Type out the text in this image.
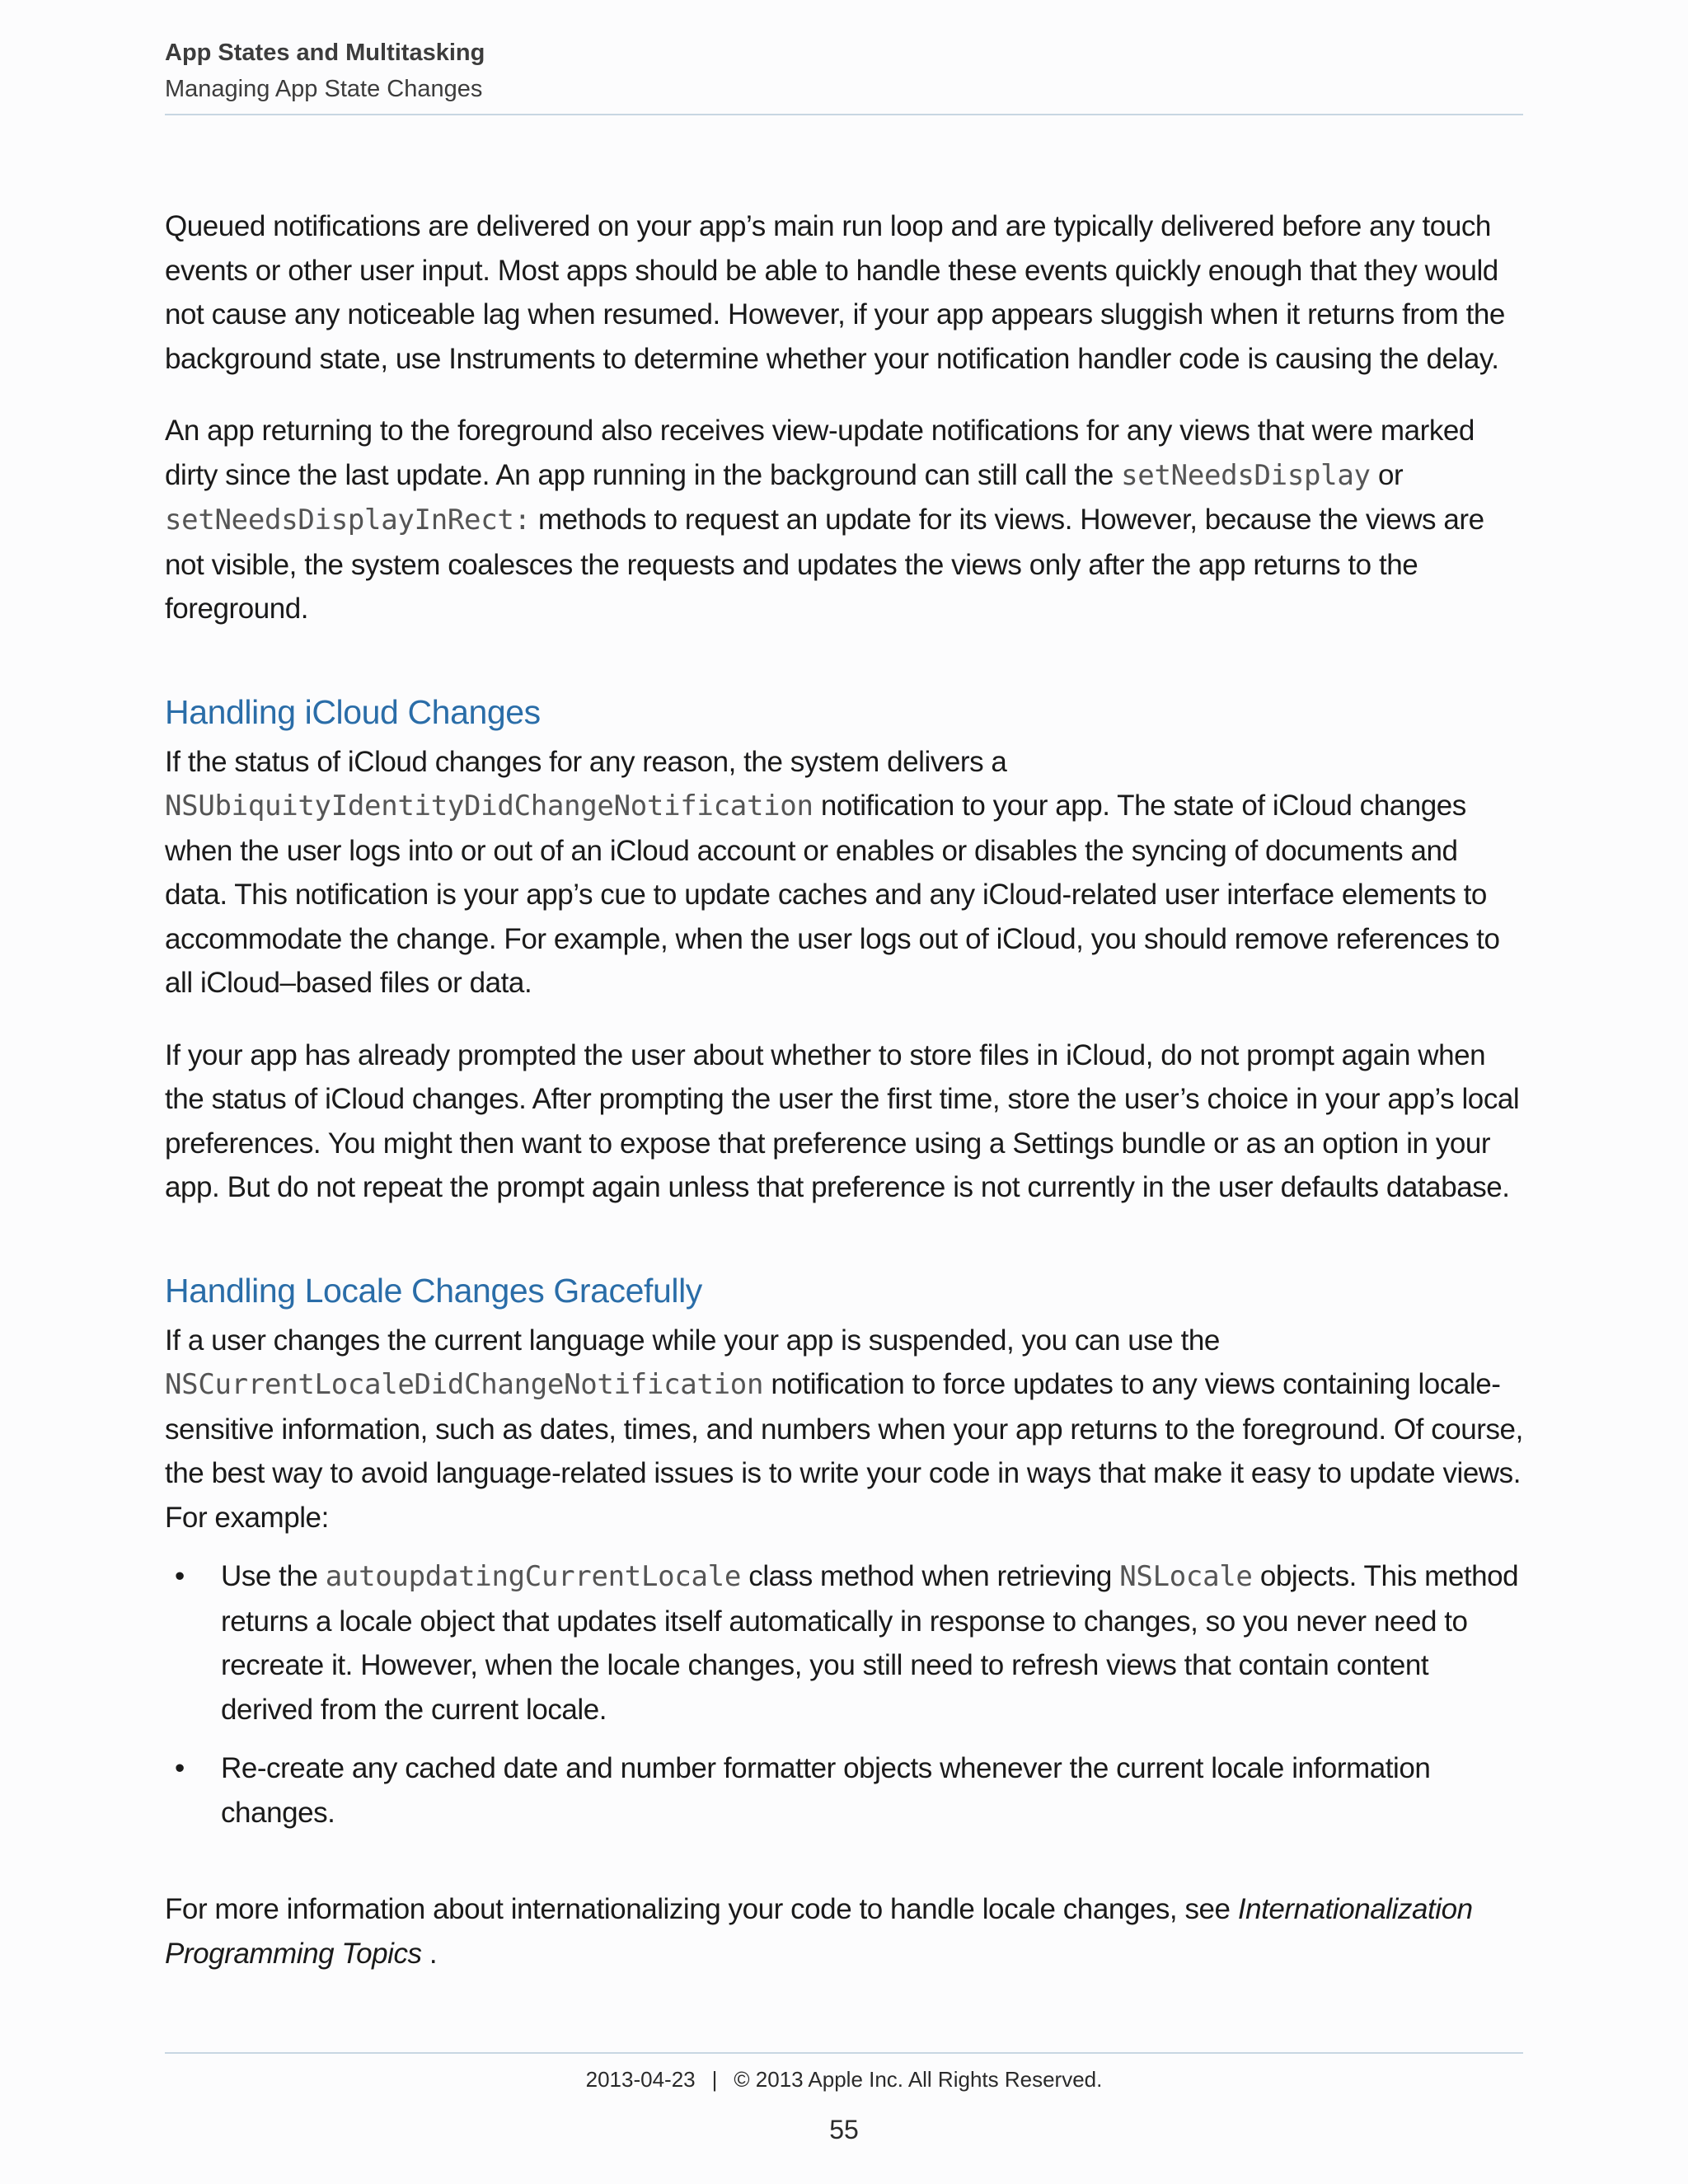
App States and Multitasking
Managing App State Changes

Queued notifications are delivered on your app’s main run loop and are typically delivered before any touch events or other user input. Most apps should be able to handle these events quickly enough that they would not cause any noticeable lag when resumed. However, if your app appears sluggish when it returns from the background state, use Instruments to determine whether your notification handler code is causing the delay.

An app returning to the foreground also receives view-update notifications for any views that were marked dirty since the last update. An app running in the background can still call the setNeedsDisplay or setNeedsDisplayInRect: methods to request an update for its views. However, because the views are not visible, the system coalesces the requests and updates the views only after the app returns to the foreground.

Handling iCloud Changes

If the status of iCloud changes for any reason, the system delivers a NSUbiquityIdentityDidChangeNotification notification to your app. The state of iCloud changes when the user logs into or out of an iCloud account or enables or disables the syncing of documents and data. This notification is your app’s cue to update caches and any iCloud-related user interface elements to accommodate the change. For example, when the user logs out of iCloud, you should remove references to all iCloud–based files or data.

If your app has already prompted the user about whether to store files in iCloud, do not prompt again when the status of iCloud changes. After prompting the user the first time, store the user’s choice in your app’s local preferences. You might then want to expose that preference using a Settings bundle or as an option in your app. But do not repeat the prompt again unless that preference is not currently in the user defaults database.

Handling Locale Changes Gracefully

If a user changes the current language while your app is suspended, you can use the NSCurrentLocaleDidChangeNotification notification to force updates to any views containing locale-sensitive information, such as dates, times, and numbers when your app returns to the foreground. Of course, the best way to avoid language-related issues is to write your code in ways that make it easy to update views. For example:

• Use the autoupdatingCurrentLocale class method when retrieving NSLocale objects. This method returns a locale object that updates itself automatically in response to changes, so you never need to recreate it. However, when the locale changes, you still need to refresh views that contain content derived from the current locale.
• Re-create any cached date and number formatter objects whenever the current locale information changes.

For more information about internationalizing your code to handle locale changes, see Internationalization Programming Topics .

2013-04-23 | © 2013 Apple Inc. All Rights Reserved.
55
